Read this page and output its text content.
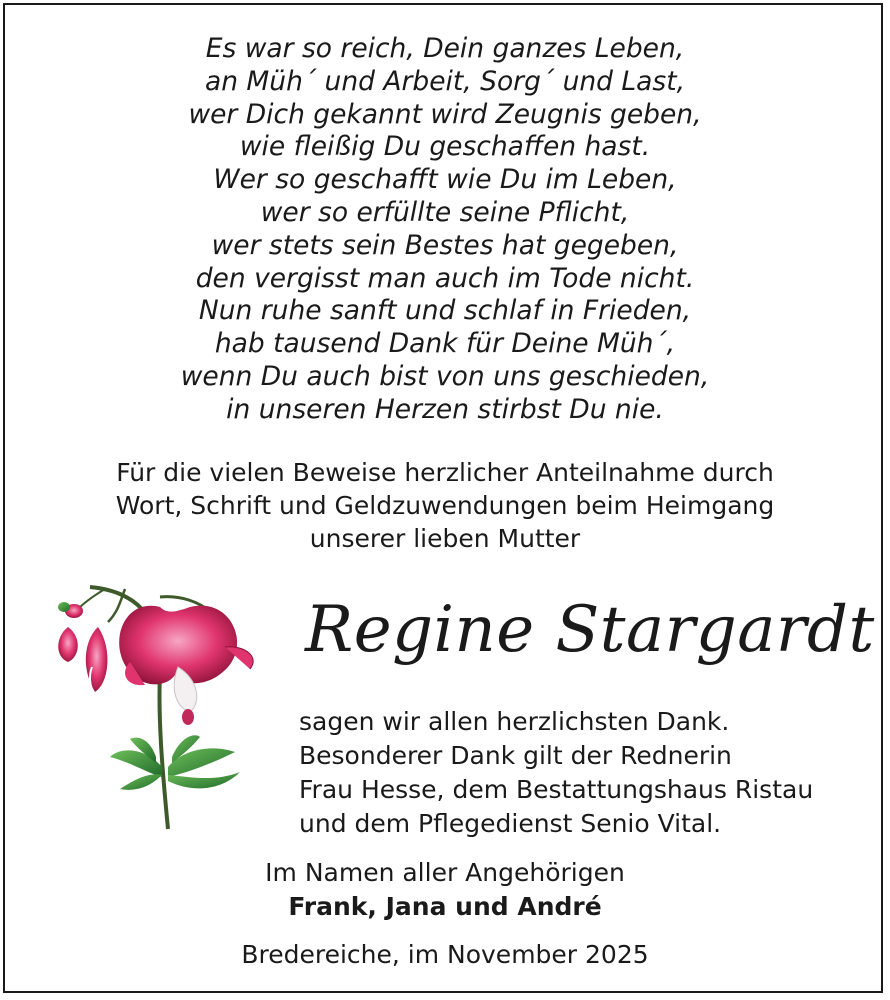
Es war so reich, Dein ganzes Leben,
an Müh´ und Arbeit, Sorg´ und Last,
wer Dich gekannt wird Zeugnis geben,
wie fleißig Du geschaffen hast.
Wer so geschafft wie Du im Leben,
wer so erfüllte seine Pflicht,
wer stets sein Bestes hat gegeben,
den vergisst man auch im Tode nicht.
Nun ruhe sanft und schlaf in Frieden,
hab tausend Dank für Deine Müh´,
wenn Du auch bist von uns geschieden,
in unseren Herzen stirbst Du nie.
Für die vielen Beweise herzlicher Anteilnahme durch
Wort, Schrift und Geldzuwendungen beim Heimgang
unserer lieben Mutter
Regine Stargardt
sagen wir allen herzlichsten Dank.
Besonderer Dank gilt der Rednerin
Frau Hesse, dem Bestattungshaus Ristau
und dem Pflegedienst Senio Vital.
Im Namen aller Angehörigen
Frank, Jana und André
Bredereiche, im November 2025
